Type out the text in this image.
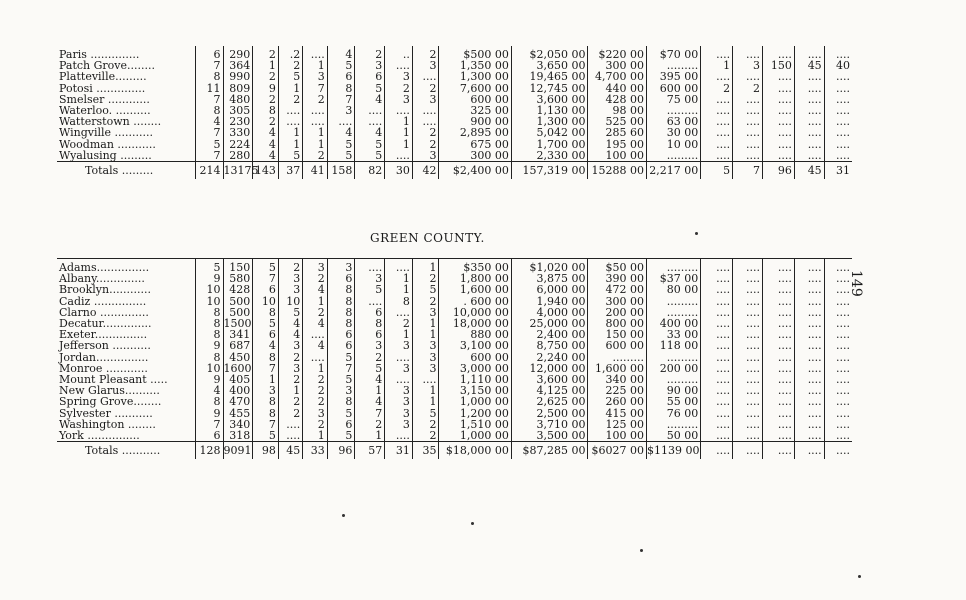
Paris ..............	6	290	2	.2	....	4	2	..	2	$500 00	$2,050 00	$220 00	$70 00	....	....	....	....	....
Patch Grove........	7	364	1	2	1	5	3	....	3	1,350 00	3,650 00	300 00	.........	1	3	150	45	40
Platteville.........	8	990	2	5	3	6	6	3	....	1,300 00	19,465 00	4,700 00	395 00	....	....	....	....	....
Potosi ..............	11	809	9	1	7	8	5	2	2	7,600 00	12,745 00	440 00	600 00	2	2	....	....	....
Smelser ............	7	480	2	2	2	7	4	3	3	600 00	3,600 00	428 00	75 00	....	....	....	....	....
Waterloo. ..........	8	305	8	....	....	3	....	....	....	325 00	1,130 00	98 00	.........	....	....	....	....	....
Watterstown ........	4	230	2	....	....	....	....	1	....	900 00	1,300 00	525 00	63 00	....	....	....	....	....
Wingville ...........	7	330	4	1	1	4	4	1	2	2,895 00	5,042 00	285 60	30 00	....	....	....	....	....
Woodman ...........	5	224	4	1	1	5	5	1	2	675 00	1,700 00	195 00	10 00	....	....	....	....	....
Wyalusing .........	7	280	4	5	2	5	5	....	3	300 00	2,330 00	100 00	.........	....	....	....	....	....
Totals .........	214	13175	143	37	41	158	82	30	42	$2,400 00	157,319 00	15288 00	2,217 00	5	7	96	45	31
GREEN COUNTY.
Adams...............	5	150	5	2	3	3	....	....	1	$350 00	$1,020 00	$50 00	.........	....	....	....	....	....
Albany..............	9	580	7	3	2	6	3	1	2	1,800 00	3,875 00	390 00	$37 00	....	....	....	....	....
Brooklyn............	10	428	6	3	4	8	5	1	5	1,600 00	6,000 00	472 00	80 00	....	....	....	....	....
Cadiz ...............	10	500	10	10	1	8	....	8	2	. 600 00	1,940 00	300 00	.........	....	....	....	....	....
Clarno ..............	8	500	8	5	2	8	6	....	3	10,000 00	4,000 00	200 00	.........	....	....	....	....	....
Decatur..............	8	1500	5	4	4	8	8	2	1	18,000 00	25,000 00	800 00	400 00	....	....	....	....	....
Exeter...............	8	341	6	4	....	6	6	1	1	880 00	2,400 00	150 00	33 00	....	....	....	....	....
Jefferson ...........	9	687	4	3	4	6	3	3	3	3,100 00	8,750 00	600 00	118 00	....	....	....	....	....
Jordan...............	8	450	8	2	....	5	2	....	3	600 00	2,240 00	.........	.........	....	....	....	....	....
Monroe ............	10	1600	7	3	1	7	5	3	3	3,000 00	12,000 00	1,600 00	200 00	....	....	....	....	....
Mount Pleasant .....	9	405	1	2	2	5	4	....	....	1,110 00	3,600 00	340 00	.........	....	....	....	....	....
New Glarus..........	4	400	3	1	2	3	1	3	1	3,150 00	4,125 00	225 00	90 00	....	....	....	....	....
Spring Grove........	8	470	8	2	2	8	4	3	1	1,000 00	2,625 00	260 00	55 00	....	....	....	....	....
Sylvester ...........	9	455	8	2	3	5	7	3	5	1,200 00	2,500 00	415 00	76 00	....	....	....	....	....
Washington ........	7	340	7	....	2	6	2	3	2	1,510 00	3,710 00	125 00	.........	....	....	....	....	....
York ...............	6	318	5	....	1	5	1	....	2	1,000 00	3,500 00	100 00	50 00	....	....	....	....	....
Totals ...........	128	9091	98	45	33	96	57	31	35	$18,000 00	$87,285 00	$6027 00	$1139 00	....	....	....	....	....
149
